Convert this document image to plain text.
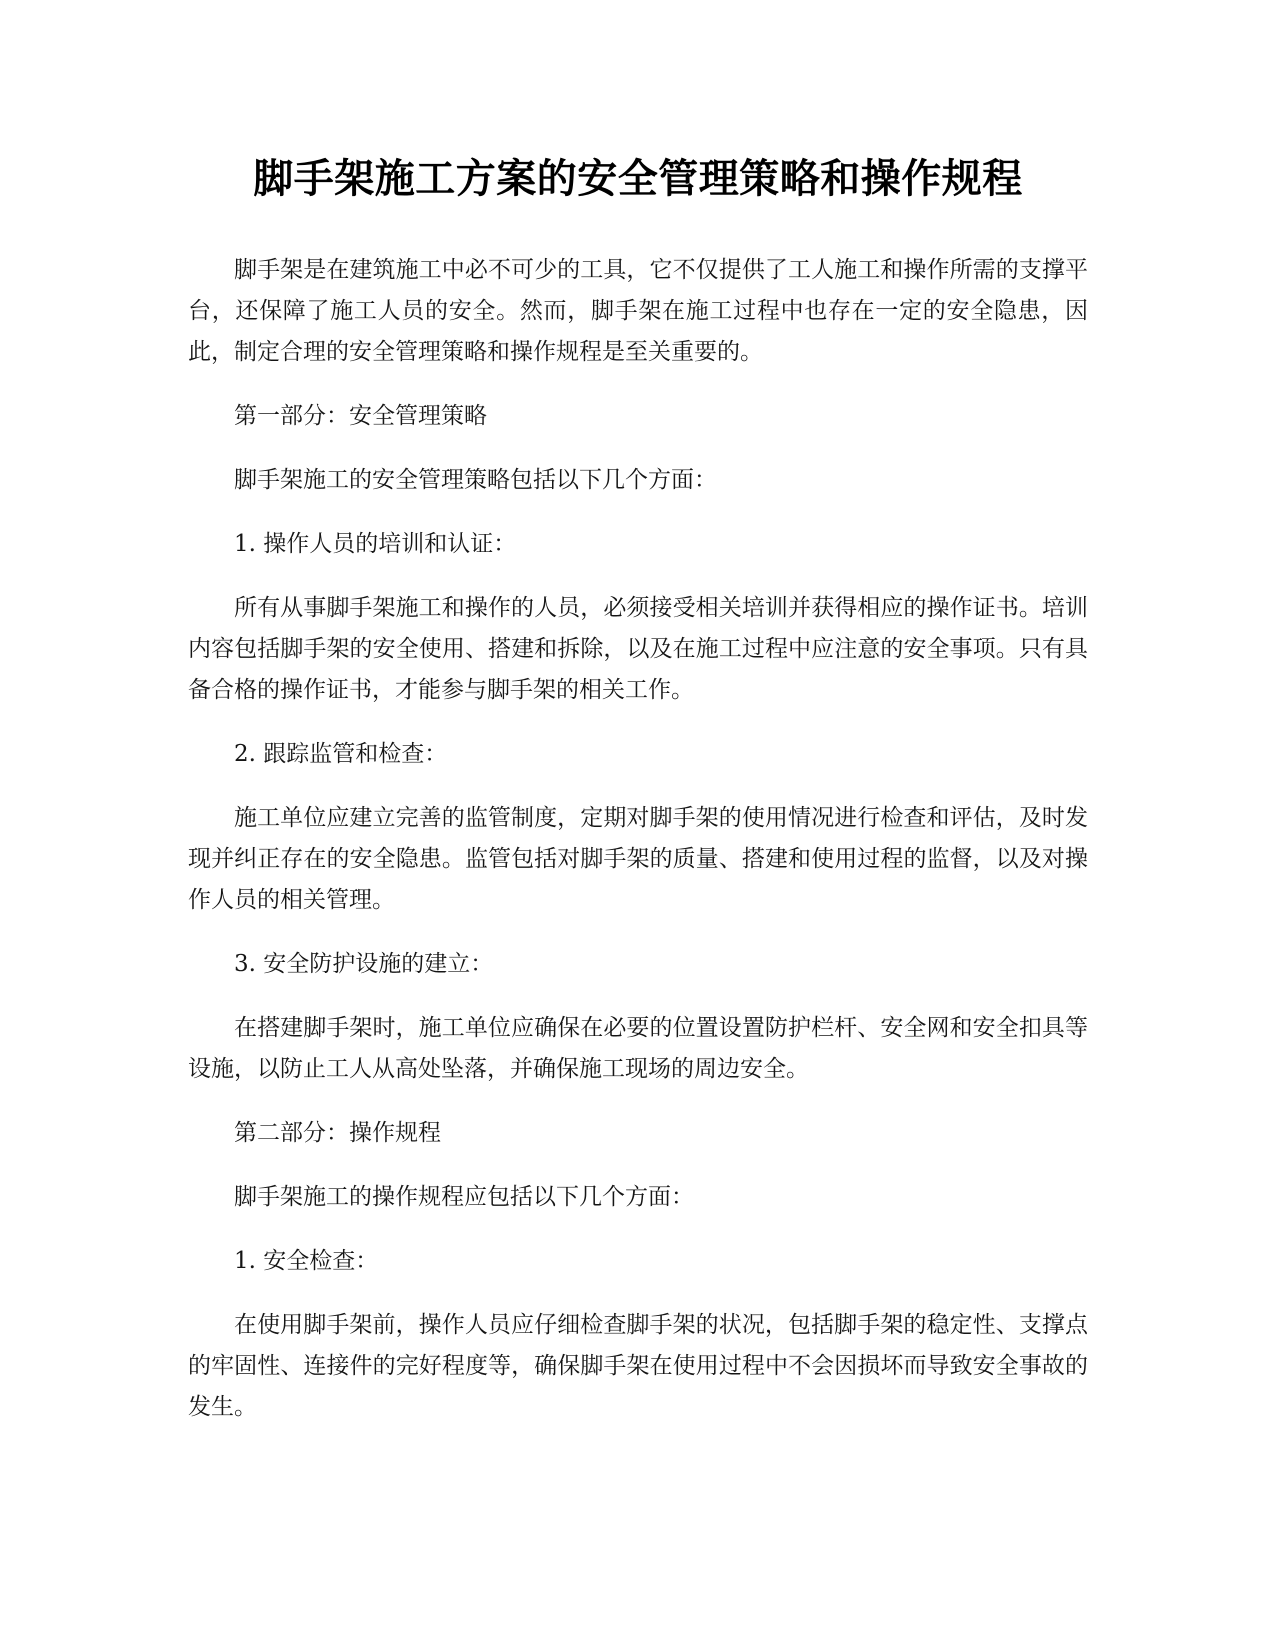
脚手架施工方案的安全管理策略和操作规程

脚手架是在建筑施工中必不可少的工具，它不仅提供了工人施工和操作所需的支撑平台，还保障了施工人员的安全。然而，脚手架在施工过程中也存在一定的安全隐患，因此，制定合理的安全管理策略和操作规程是至关重要的。

第一部分：安全管理策略

脚手架施工的安全管理策略包括以下几个方面：

1. 操作人员的培训和认证：

所有从事脚手架施工和操作的人员，必须接受相关培训并获得相应的操作证书。培训内容包括脚手架的安全使用、搭建和拆除，以及在施工过程中应注意的安全事项。只有具备合格的操作证书，才能参与脚手架的相关工作。

2. 跟踪监管和检查：

施工单位应建立完善的监管制度，定期对脚手架的使用情况进行检查和评估，及时发现并纠正存在的安全隐患。监管包括对脚手架的质量、搭建和使用过程的监督，以及对操作人员的相关管理。

3. 安全防护设施的建立：

在搭建脚手架时，施工单位应确保在必要的位置设置防护栏杆、安全网和安全扣具等设施，以防止工人从高处坠落，并确保施工现场的周边安全。

第二部分：操作规程

脚手架施工的操作规程应包括以下几个方面：

1. 安全检查：

在使用脚手架前，操作人员应仔细检查脚手架的状况，包括脚手架的稳定性、支撑点的牢固性、连接件的完好程度等，确保脚手架在使用过程中不会因损坏而导致安全事故的发生。
